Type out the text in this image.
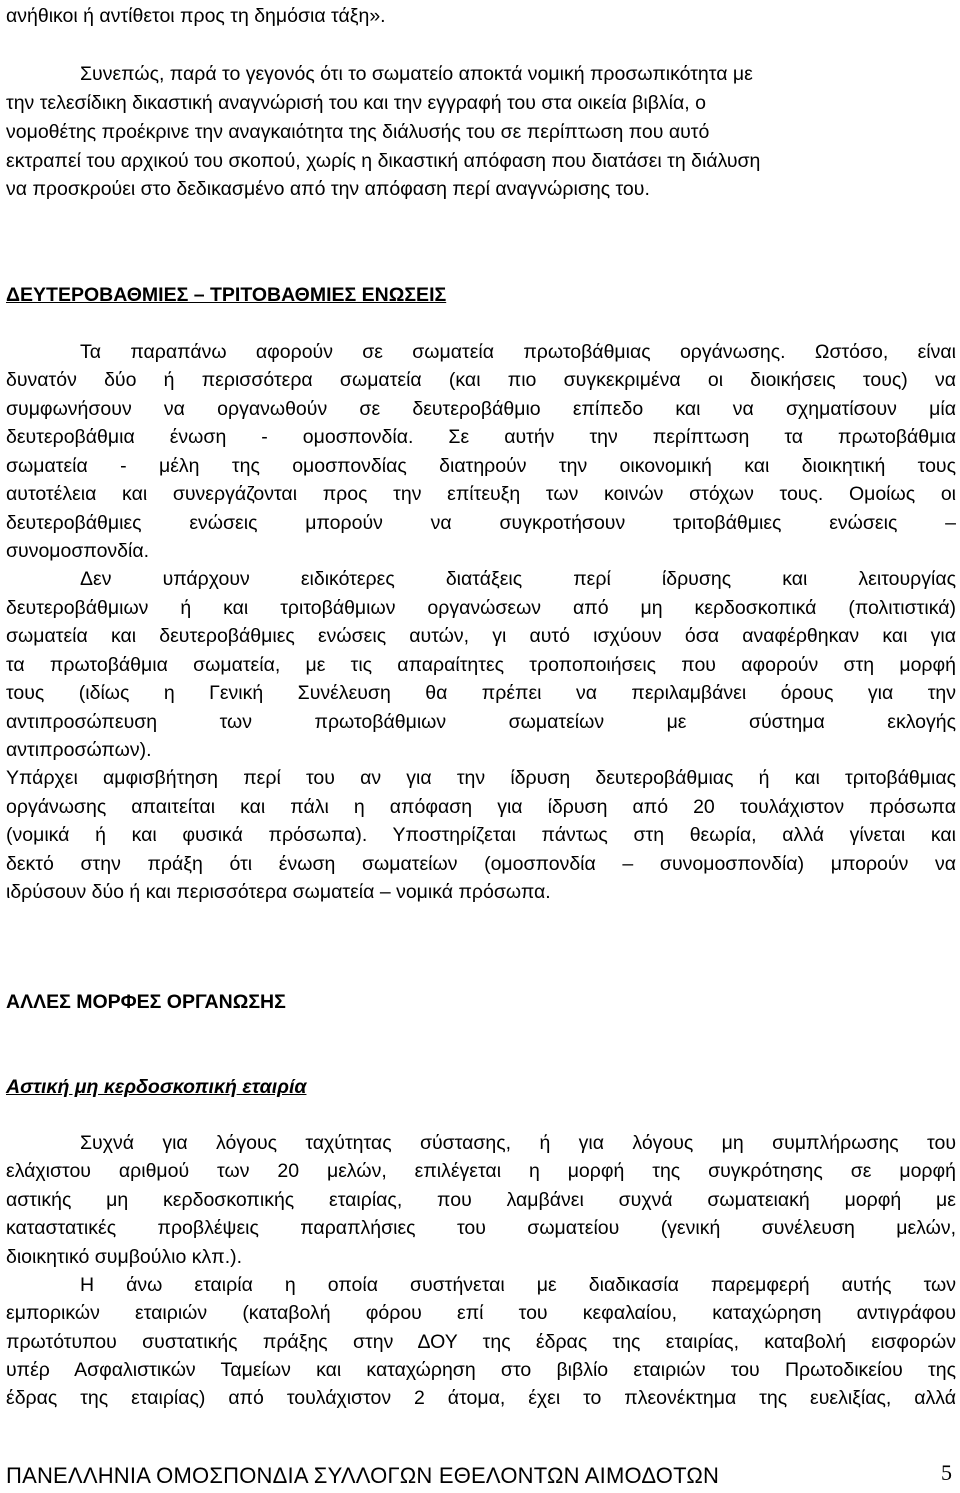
ανήθικοι ή αντίθετοι προς τη δημόσια τάξη».
Συνεπώς, παρά το γεγονός ότι το σωματείο αποκτά νομική προσωπικότητα με
την τελεσίδικη δικαστική αναγνώρισή του και την εγγραφή του στα οικεία βιβλία, ο
νομοθέτης προέκρινε την αναγκαιότητα της διάλυσής του σε περίπτωση που αυτό
εκτραπεί του αρχικού του σκοπού, χωρίς η δικαστική απόφαση που διατάσει τη διάλυση
να προσκρούει στο δεδικασμένο από την απόφαση περί αναγνώρισης του.
ΔΕΥΤΕΡΟΒΑΘΜΙΕΣ – ΤΡΙΤΟΒΑΘΜΙΕΣ ΕΝΩΣΕΙΣ
Τα παραπάνω αφορούν σε σωματεία πρωτοβάθμιας οργάνωσης. Ωστόσο, είναι
δυνατόν δύο ή περισσότερα σωματεία (και πιο συγκεκριμένα οι διοικήσεις τους) να
συμφωνήσουν να οργανωθούν σε δευτεροβάθμιο επίπεδο και να σχηματίσουν μία
δευτεροβάθμια ένωση - ομοσπονδία. Σε αυτήν την περίπτωση τα πρωτοβάθμια
σωματεία - μέλη της ομοσπονδίας διατηρούν την οικονομική και διοικητική τους
αυτοτέλεια και συνεργάζονται προς την επίτευξη των κοινών στόχων τους. Ομοίως οι
δευτεροβάθμιες ενώσεις μπορούν να συγκροτήσουν τριτοβάθμιες ενώσεις –
συνομοσπονδία.
Δεν υπάρχουν ειδικότερες διατάξεις περί ίδρυσης και λειτουργίας
δευτεροβάθμιων ή και τριτοβάθμιων οργανώσεων από μη κερδοσκοπικά (πολιτιστικά)
σωματεία και δευτεροβάθμιες ενώσεις αυτών, γι αυτό ισχύουν όσα αναφέρθηκαν και για
τα πρωτοβάθμια σωματεία, με τις απαραίτητες τροποποιήσεις που αφορούν στη μορφή
τους (ιδίως η Γενική Συνέλευση θα πρέπει να περιλαμβάνει όρους για την
αντιπροσώπευση των πρωτοβάθμιων σωματείων με σύστημα εκλογής
αντιπροσώπων).
Υπάρχει αμφισβήτηση περί του αν για την ίδρυση δευτεροβάθμιας ή και τριτοβάθμιας
οργάνωσης απαιτείται και πάλι η απόφαση για ίδρυση από 20 τουλάχιστον πρόσωπα
(νομικά ή και φυσικά πρόσωπα). Υποστηρίζεται πάντως στη θεωρία, αλλά γίνεται και
δεκτό στην πράξη ότι ένωση σωματείων (ομοσπονδία – συνομοσπονδία) μπορούν να
ιδρύσουν δύο ή και περισσότερα σωματεία – νομικά πρόσωπα.
ΑΛΛΕΣ ΜΟΡΦΕΣ ΟΡΓΑΝΩΣΗΣ
Αστική μη κερδοσκοπική εταιρία
Συχνά για λόγους ταχύτητας σύστασης, ή για λόγους μη συμπλήρωσης του
ελάχιστου αριθμού των 20 μελών, επιλέγεται η μορφή της συγκρότησης σε μορφή
αστικής μη κερδοσκοπικής εταιρίας, που λαμβάνει συχνά σωματειακή μορφή με
καταστατικές προβλέψεις παραπλήσιες του σωματείου (γενική συνέλευση μελών,
διοικητικό συμβούλιο κλπ.).
Η άνω εταιρία η οποία συστήνεται με διαδικασία παρεμφερή αυτής των
εμπορικών εταιριών (καταβολή φόρου επί του κεφαλαίου, καταχώρηση αντιγράφου
πρωτότυπου συστατικής πράξης στην ΔΟΥ της έδρας της εταιρίας, καταβολή εισφορών
υπέρ Ασφαλιστικών Ταμείων και καταχώρηση στο βιβλίο εταιριών του Πρωτοδικείου της
έδρας της εταιρίας) από τουλάχιστον 2 άτομα, έχει το πλεονέκτημα της ευελιξίας, αλλά
ΠΑΝΕΛΛΗΝΙΑ ΟΜΟΣΠΟΝΔΙΑ ΣΥΛΛΟΓΩΝ ΕΘΕΛΟΝΤΩΝ ΑΙΜΟΔΟΤΩΝ	5
